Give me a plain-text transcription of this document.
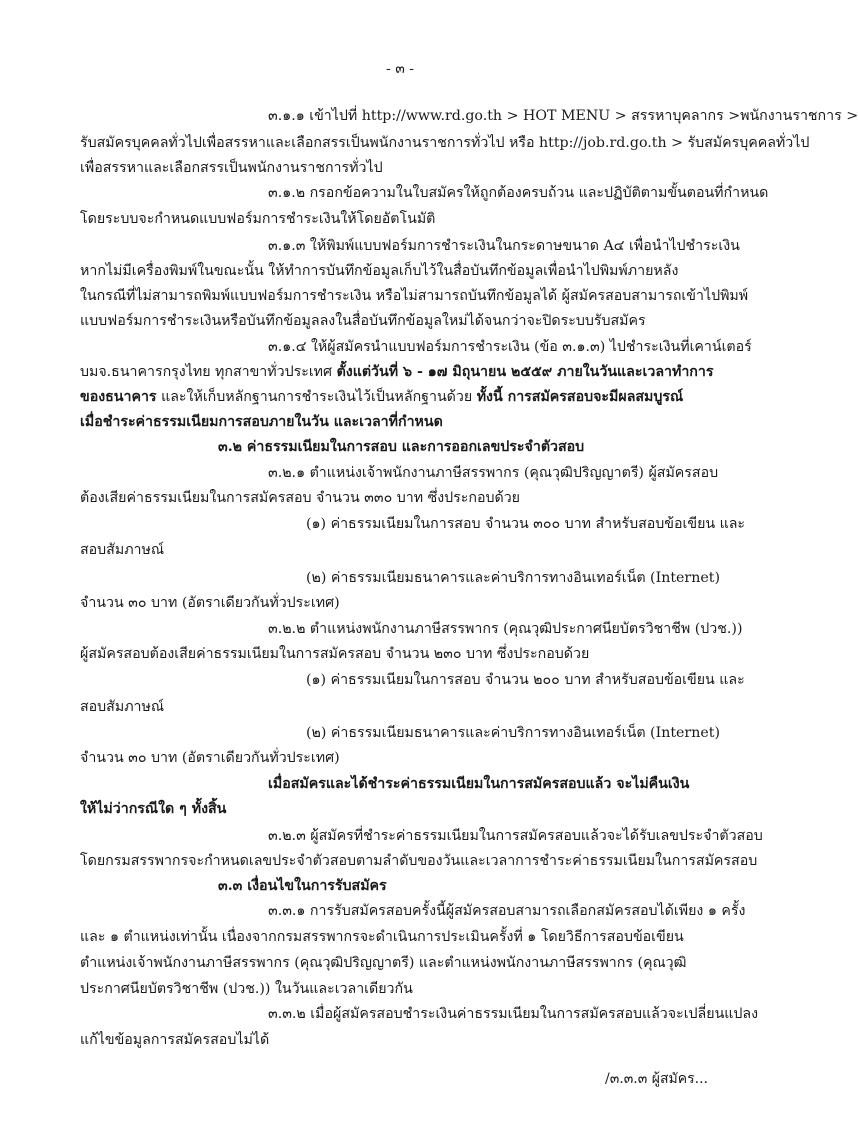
- ๓ -
๓.๑.๑ เข้าไปที่ http://www.rd.go.th > HOT MENU > สรรหาบุคลากร >พนักงานราชการ >
รับสมัครบุคคลทั่วไปเพื่อสรรหาและเลือกสรรเป็นพนักงานราชการทั่วไป หรือ http://job.rd.go.th > รับสมัครบุคคลทั่วไป
เพื่อสรรหาและเลือกสรรเป็นพนักงานราชการทั่วไป
๓.๑.๒ กรอกข้อความในใบสมัครให้ถูกต้องครบถ้วน และปฏิบัติตามขั้นตอนที่กำหนด
โดยระบบจะกำหนดแบบฟอร์มการชำระเงินให้โดยอัตโนมัติ
๓.๑.๓ ให้พิมพ์แบบฟอร์มการชำระเงินในกระดาษขนาด A๔ เพื่อนำไปชำระเงิน
หากไม่มีเครื่องพิมพ์ในขณะนั้น ให้ทำการบันทึกข้อมูลเก็บไว้ในสื่อบันทึกข้อมูลเพื่อนำไปพิมพ์ภายหลัง
ในกรณีที่ไม่สามารถพิมพ์แบบฟอร์มการชำระเงิน หรือไม่สามารถบันทึกข้อมูลได้ ผู้สมัครสอบสามารถเข้าไปพิมพ์
แบบฟอร์มการชำระเงินหรือบันทึกข้อมูลลงในสื่อบันทึกข้อมูลใหม่ได้จนกว่าจะปิดระบบรับสมัคร
๓.๑.๔ ให้ผู้สมัครนำแบบฟอร์มการชำระเงิน (ข้อ ๓.๑.๓) ไปชำระเงินที่เคาน์เตอร์
บมจ.ธนาคารกรุงไทย ทุกสาขาทั่วประเทศ ตั้งแต่วันที่ ๖ - ๑๗ มิถุนายน ๒๕๕๙ ภายในวันและเวลาทำการ
ของธนาคาร และให้เก็บหลักฐานการชำระเงินไว้เป็นหลักฐานด้วย ทั้งนี้ การสมัครสอบจะมีผลสมบูรณ์
เมื่อชำระค่าธรรมเนียมการสอบภายในวัน และเวลาที่กำหนด
๓.๒ ค่าธรรมเนียมในการสอบ และการออกเลขประจำตัวสอบ
๓.๒.๑ ตำแหน่งเจ้าพนักงานภาษีสรรพากร (คุณวุฒิปริญญาตรี) ผู้สมัครสอบ
ต้องเสียค่าธรรมเนียมในการสมัครสอบ จำนวน ๓๓๐ บาท ซึ่งประกอบด้วย
(๑) ค่าธรรมเนียมในการสอบ จำนวน ๓๐๐ บาท สำหรับสอบข้อเขียน และ
สอบสัมภาษณ์
(๒) ค่าธรรมเนียมธนาคารและค่าบริการทางอินเทอร์เน็ต (Internet)
จำนวน ๓๐ บาท (อัตราเดียวกันทั่วประเทศ)
๓.๒.๒ ตำแหน่งพนักงานภาษีสรรพากร (คุณวุฒิประกาศนียบัตรวิชาชีพ (ปวช.))
ผู้สมัครสอบต้องเสียค่าธรรมเนียมในการสมัครสอบ จำนวน ๒๓๐ บาท ซึ่งประกอบด้วย
(๑) ค่าธรรมเนียมในการสอบ จำนวน ๒๐๐ บาท สำหรับสอบข้อเขียน และ
สอบสัมภาษณ์
(๒) ค่าธรรมเนียมธนาคารและค่าบริการทางอินเทอร์เน็ต (Internet)
จำนวน ๓๐ บาท (อัตราเดียวกันทั่วประเทศ)
เมื่อสมัครและได้ชำระค่าธรรมเนียมในการสมัครสอบแล้ว จะไม่คืนเงิน
ให้ไม่ว่ากรณีใด ๆ ทั้งสิ้น
๓.๒.๓ ผู้สมัครที่ชำระค่าธรรมเนียมในการสมัครสอบแล้วจะได้รับเลขประจำตัวสอบ
โดยกรมสรรพากรจะกำหนดเลขประจำตัวสอบตามลำดับของวันและเวลาการชำระค่าธรรมเนียมในการสมัครสอบ
๓.๓ เงื่อนไขในการรับสมัคร
๓.๓.๑ การรับสมัครสอบครั้งนี้ผู้สมัครสอบสามารถเลือกสมัครสอบได้เพียง ๑ ครั้ง
และ ๑ ตำแหน่งเท่านั้น เนื่องจากกรมสรรพากรจะดำเนินการประเมินครั้งที่ ๑ โดยวิธีการสอบข้อเขียน
ตำแหน่งเจ้าพนักงานภาษีสรรพากร (คุณวุฒิปริญญาตรี) และตำแหน่งพนักงานภาษีสรรพากร (คุณวุฒิ
ประกาศนียบัตรวิชาชีพ (ปวช.)) ในวันและเวลาเดียวกัน
๓.๓.๒ เมื่อผู้สมัครสอบชำระเงินค่าธรรมเนียมในการสมัครสอบแล้วจะเปลี่ยนแปลง
แก้ไขข้อมูลการสมัครสอบไม่ได้
/๓.๓.๓ ผู้สมัคร...
